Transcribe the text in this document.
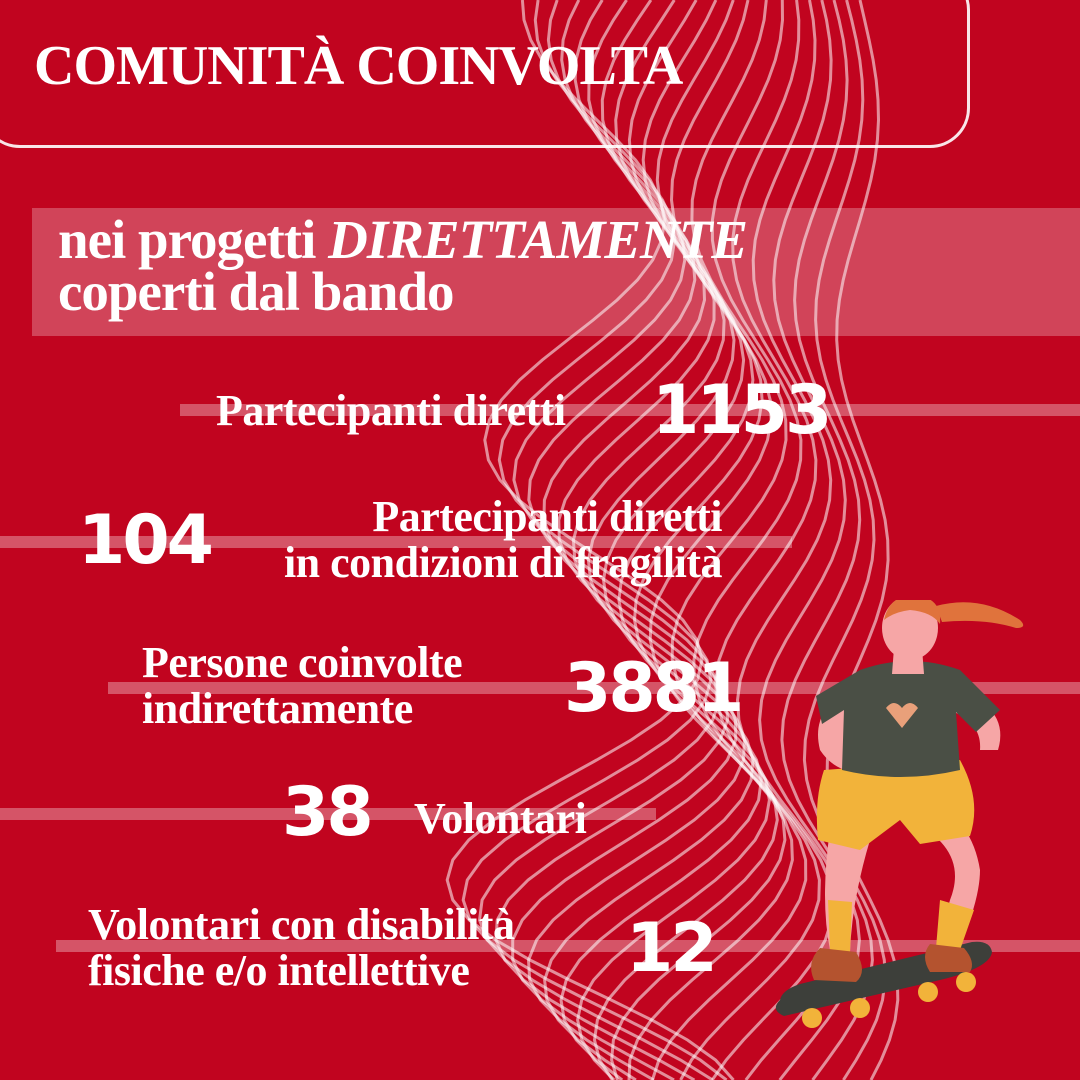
COMUNITÀ COINVOLTA
nei progetti DIRETTAMENTE
coperti dal bando
Partecipanti diretti 1153
104	Partecipanti diretti
in condizioni di fragilità
Persone coinvolte
indirettamente	3881
38 Volontari
Volontari con disabilità
fisiche e/o intellettive	12
